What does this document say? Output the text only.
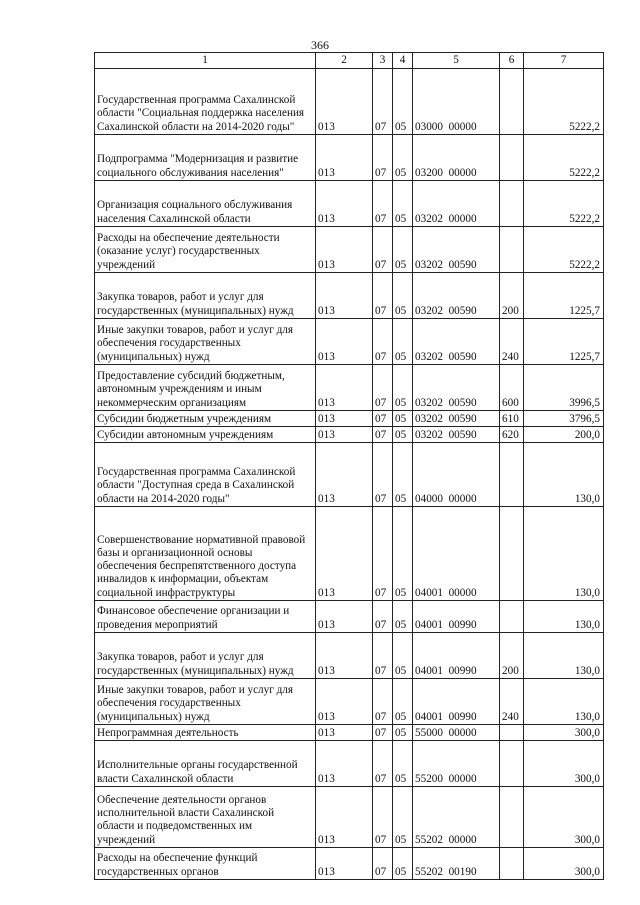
366
1	2	3	4	5	6	7
Государственная программа Сахалинской области "Социальная поддержка населения Сахалинской области на 2014-2020 годы"	013	07	05	03000  00000		5222,2
Подпрограмма "Модернизация и развитие социального обслуживания населения"	013	07	05	03200  00000		5222,2
Организация социального обслуживания населения Сахалинской области	013	07	05	03202  00000		5222,2
Расходы на обеспечение деятельности (оказание услуг) государственных учреждений	013	07	05	03202  00590		5222,2
Закупка товаров, работ и услуг для государственных (муниципальных) нужд	013	07	05	03202  00590	200	1225,7
Иные закупки товаров, работ и услуг для обеспечения государственных (муниципальных) нужд	013	07	05	03202  00590	240	1225,7
Предоставление субсидий бюджетным, автономным учреждениям и иным некоммерческим организациям	013	07	05	03202  00590	600	3996,5
Субсидии бюджетным учреждениям	013	07	05	03202  00590	610	3796,5
Субсидии автономным учреждениям	013	07	05	03202  00590	620	200,0
Государственная программа Сахалинской области "Доступная среда в Сахалинской области на 2014-2020 годы"	013	07	05	04000  00000		130,0
Совершенствование нормативной правовой базы и организационной основы обеспечения беспрепятственного доступа инвалидов к информации, объектам социальной инфраструктуры	013	07	05	04001  00000		130,0
Финансовое обеспечение организации и проведения мероприятий	013	07	05	04001  00990		130,0
Закупка товаров, работ и услуг для государственных (муниципальных) нужд	013	07	05	04001  00990	200	130,0
Иные закупки товаров, работ и услуг для обеспечения государственных (муниципальных) нужд	013	07	05	04001  00990	240	130,0
Непрограммная деятельность	013	07	05	55000  00000		300,0
Исполнительные органы государственной власти Сахалинской области	013	07	05	55200  00000		300,0
Обеспечение деятельности органов исполнительной власти Сахалинской области и подведомственных им учреждений	013	07	05	55202  00000		300,0
Расходы на обеспечение функций государственных органов	013	07	05	55202  00190		300,0
